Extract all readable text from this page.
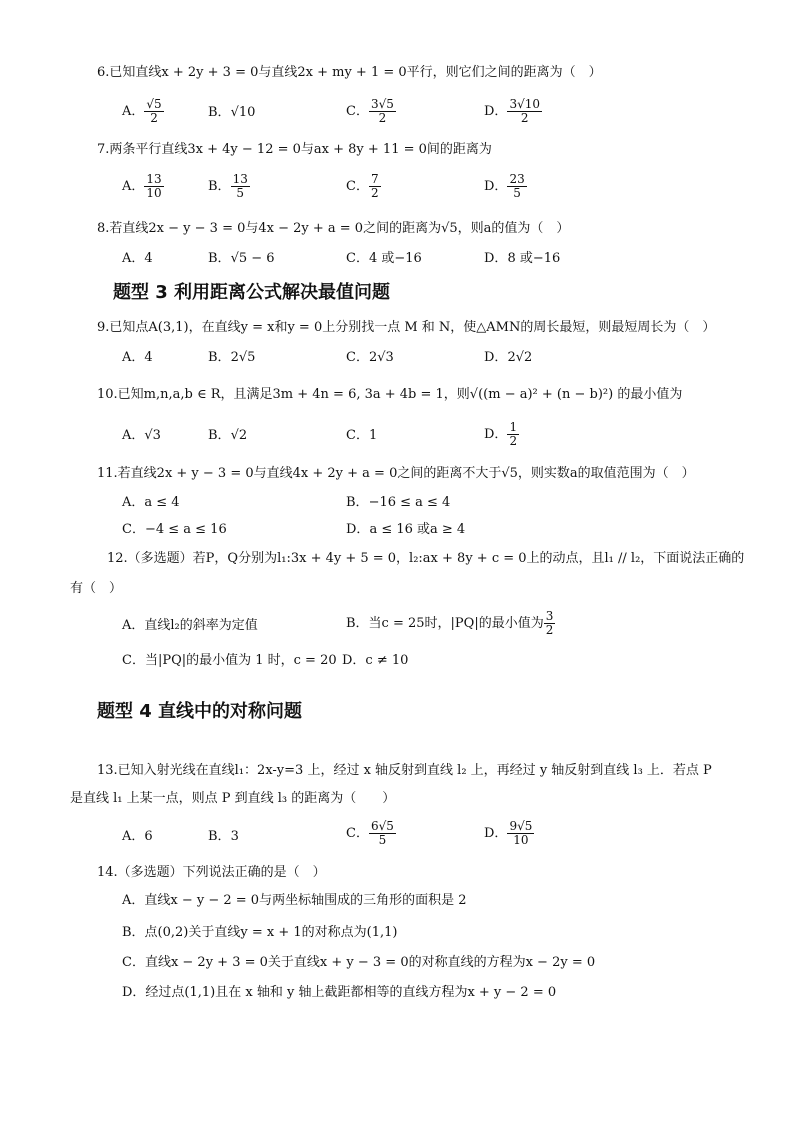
6.已知直线x + 2y + 3 = 0与直线2x + my + 1 = 0平行，则它们之间的距离为（　）
A． $\frac{√5}{2}$	B．√10	C． $\frac{3√5}{2}$	D． $\frac{3√10}{2}$
7.两条平行直线3x + 4y − 12 = 0与ax + 8y + 11 = 0间的距离为
A． $\frac{13}{10}$	B． $\frac{13}{5}$	C． $\frac{7}{2}$	D． $\frac{23}{5}$
8.若直线2x − y − 3 = 0与4x − 2y + a = 0之间的距离为√5，则a的值为（　）
A．4	B．√5 − 6	C．4 或−16	D．8 或−16
题型 3 利用距离公式解决最值问题
9.已知点A(3,1)，在直线y = x和y = 0上分别找一点 M 和 N，使△AMN的周长最短，则最短周长为（　）
A．4	B．2√5	C．2√3	D．2√2
10.已知m,n,a,b ∈ R，且满足3m + 4n = 6, 3a + 4b = 1，则√((m − a)² + (n − b)²) 的最小值为
A．√3	B．√2	C．1	D． $\frac{1}{2}$
11.若直线2x + y − 3 = 0与直线4x + 2y + a = 0之间的距离不大于√5，则实数a的取值范围为（　）
A．a ≤ 4	B．−16 ≤ a ≤ 4
C．−4 ≤ a ≤ 16	D．a ≤ 16 或a ≥ 4
12.（多选题）若P，Q分别为l₁:3x + 4y + 5 = 0，l₂:ax + 8y + c = 0上的动点，且l₁ // l₂，下面说法正确的
有（　）
A．直线l₂的斜率为定值	B．当c = 25时，|PQ|的最小值为 $\frac{3}{2}$
C．当|PQ|的最小值为 1 时，c = 20 D．c ≠ 10
题型 4 直线中的对称问题
13.已知入射光线在直线l₁：2x-y=3 上，经过 x 轴反射到直线 l₂ 上，再经过 y 轴反射到直线 l₃ 上．若点 P
是直线 l₁ 上某一点，则点 P 到直线 l₃ 的距离为（　　）
A．6	B．3	C． $\frac{6√5}{5}$	D． $\frac{9√5}{10}$
14.（多选题）下列说法正确的是（　）
A．直线x − y − 2 = 0与两坐标轴围成的三角形的面积是 2
B．点(0,2)关于直线y = x + 1的对称点为(1,1)
C．直线x − 2y + 3 = 0关于直线x + y − 3 = 0的对称直线的方程为x − 2y = 0
D．经过点(1,1)且在 x 轴和 y 轴上截距都相等的直线方程为x + y − 2 = 0
